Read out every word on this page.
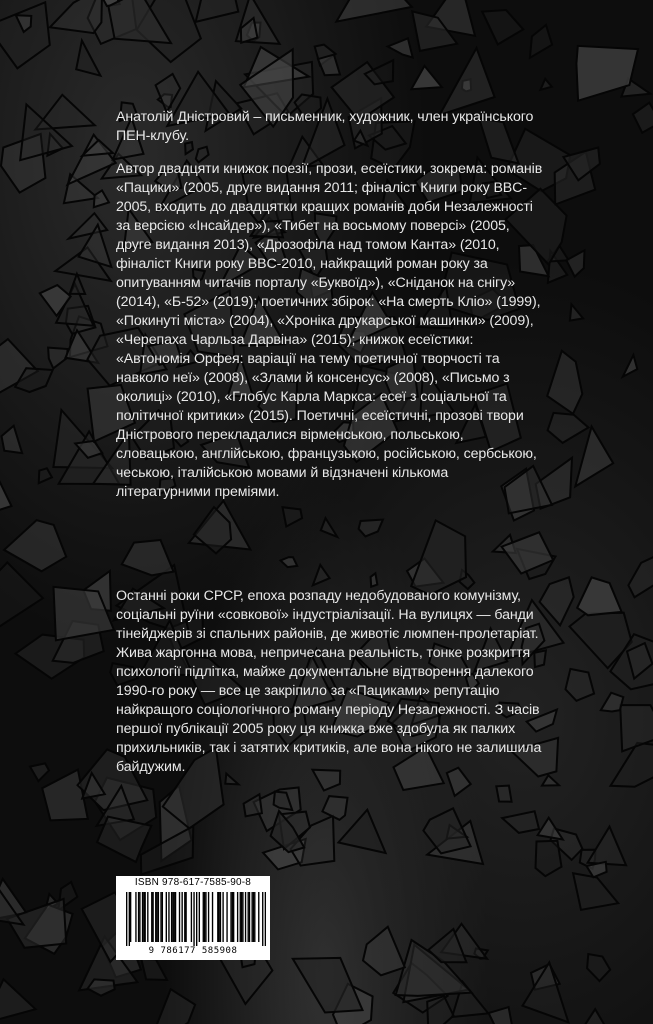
Анатолій Дністровий – письменник, художник, член українського ПЕН-клубу.

Автор двадцяти книжок поезії, прози, есеїстики, зокрема: романів «Пацики» (2005, друге видання 2011; фіналіст Книги року BBC-2005, входить до двадцятки кращих романів доби Незалежності за версією «Інсайдер»), «Тибет на восьмому поверсі» (2005, друге видання 2013), «Дрозофіла над томом Канта» (2010, фіналіст Книги року BBC-2010, найкращий роман року за опитуванням читачів порталу «Буквоїд»), «Сніданок на снігу» (2014), «Б-52» (2019); поетичних збірок: «На смерть Кліо» (1999), «Покинуті міста» (2004), «Хроніка друкарської машинки» (2009), «Черепаха Чарльза Дарвіна» (2015); книжок есеїстики: «Автономія Орфея: варіації на тему поетичної творчості та навколо неї» (2008), «Злами й консенсус» (2008), «Письмо з околиці» (2010), «Глобус Карла Маркса: есеї з соціальної та політичної критики» (2015). Поетичні, есеїстичні, прозові твори Дністрового перекладалися вірменською, польською, словацькою, англійською, французькою, російською, сербською, чеською, італійською мовами й відзначені кількома літературними преміями.

Останні роки СРСР, епоха розпаду недобудованого комунізму, соціальні руїни «совкової» індустріалізації. На вулицях — банди тінейджерів зі спальних районів, де животіє люмпен-пролетаріат. Жива жаргонна мова, непричесана реальність, тонке розкриття психології підлітка, майже документальне відтворення далекого 1990-го року — все це закріпило за «Пациками» репутацію найкращого соціологічного роману періоду Незалежності. З часів першої публікації 2005 року ця книжка вже здобула як палких прихильників, так і затятих критиків, але вона нікого не залишила байдужим.

ISBN 978-617-7585-90-8
9 786177 585908
